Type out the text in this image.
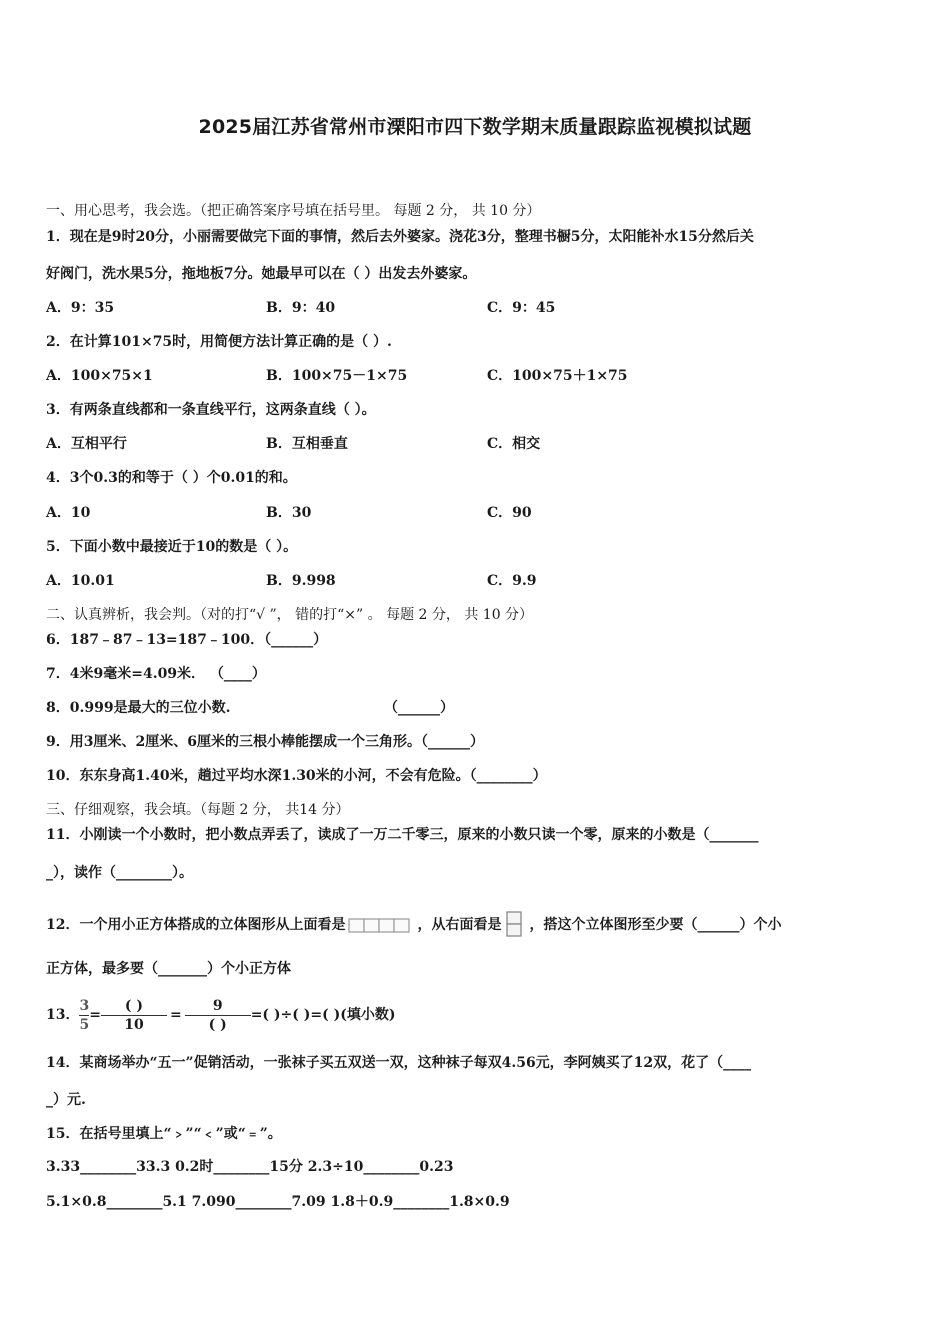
2025届江苏省常州市溧阳市四下数学期末质量跟踪监视模拟试题
一、用心思考，我会选。（把正确答案序号填在括号里。 每题 2 分， 共 10 分）
1．现在是9时20分，小丽需要做完下面的事情，然后去外婆家。浇花3分，整理书橱5分，太阳能补水15分然后关
好阀门，洗水果5分，拖地板7分。她最早可以在（ ）出发去外婆家。
A．9：35	B．9：40	C．9：45
2．在计算101×75时，用简便方法计算正确的是（ ）.
A．100×75×1	B．100×75－1×75	C．100×75＋1×75
3．有两条直线都和一条直线平行，这两条直线（ ）。
A．互相平行	B．互相垂直	C．相交
4．3个0.3的和等于（ ）个0.01的和。
A．10	B．30	C．90
5．下面小数中最接近于10的数是（ ）。
A．10.01	B．9.998	C．9.9
二、认真辨析，我会判。（对的打“√ ”， 错的打“×” 。 每题 2 分， 共 10 分）
6．187﹣87﹣13=187﹣100．（______）
7．4米9毫米=4.09米． （____）
8．0.999是最大的三位小数.	（______）
9．用3厘米、2厘米、6厘米的三根小棒能摆成一个三角形。（______）
10．东东身高1.40米，趟过平均水深1.30米的小河，不会有危险。（________）
三、仔细观察，我会填。（每题 2 分， 共14 分）
11．小刚读一个小数时，把小数点弄丢了，读成了一万二千零三，原来的小数只读一个零，原来的小数是（_______
_），读作（________）。
12．一个用小正方体搭成的立体图形从上面看是	，从右面看是 ，搭这个立体图形至少要（______）个小
正方体，最多要（_______）个小正方体
13． $\frac{3}{5} = \frac{( )}{10} = \frac{9}{( )}$ =( )÷( )=( )(填小数)
14．某商场举办“五一”促销活动，一张袜子买五双送一双，这种袜子每双4.56元，李阿姨买了12双，花了（____
_）元.
15．在括号里填上“﹥”“﹤”或“﹦”。
3.33________33.3 0.2时________15分 2.3÷10________0.23
5.1×0.8________5.1 7.090________7.09 1.8＋0.9________1.8×0.9
